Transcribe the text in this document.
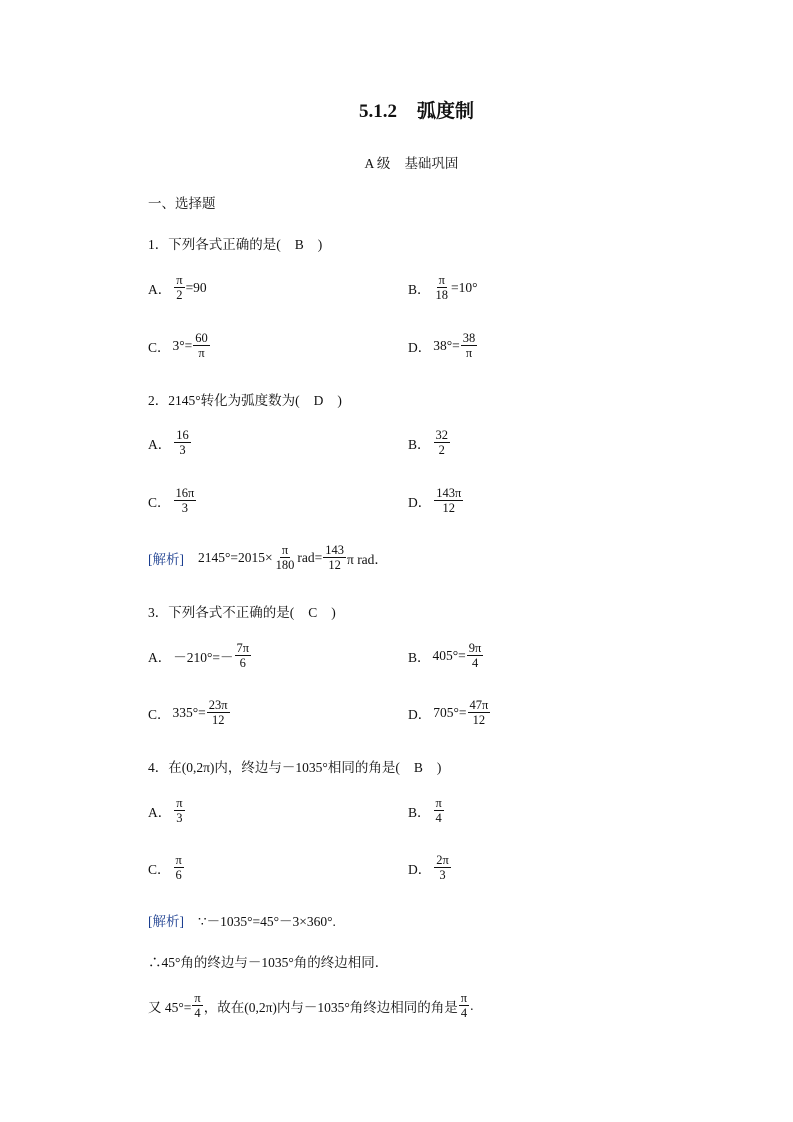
5.1.2 弧度制
A 级 基础巩固
一、选择题
1．下列各式正确的是( B )
A． $\frac{\pi}{2} =90$	B． $\frac{\pi}{18} =10^\circ$
C． $3^\circ= \frac{60}{\pi}$	D． $38^\circ= \frac{38}{\pi}$
2．2145°转化为弧度数为( D )
A． $\frac{16}{3}$	B． $\frac{32}{2}$
C． $\frac{16\pi}{3}$	D． $\frac{143\pi}{12}$
[解析] $2145^\circ=2015\times \frac{\pi}{180} rad= \frac{143}{12}$ π rad．
3．下列各式不正确的是( C )
A． $-210^\circ=- \frac{7\pi}{6}$	B． $405^\circ= \frac{9\pi}{4}$
C． $335^\circ= \frac{23\pi}{12}$	D． $705^\circ= \frac{47\pi}{12}$
4．在(0,2π)内，终边与－1035°相同的角是( B )
A． $\frac{\pi}{3}$	B． $\frac{\pi}{4}$
C． $\frac{\pi}{6}$	D． $\frac{2\pi}{3}$
[解析] ∵－1035°=45°－3×360°.
∴45°角的终边与－1035°角的终边相同．
又 $45^\circ= \frac{\pi}{4}$ ，故在(0,2π)内与－1035°角终边相同的角是 $\frac{\pi}{4}$ .
